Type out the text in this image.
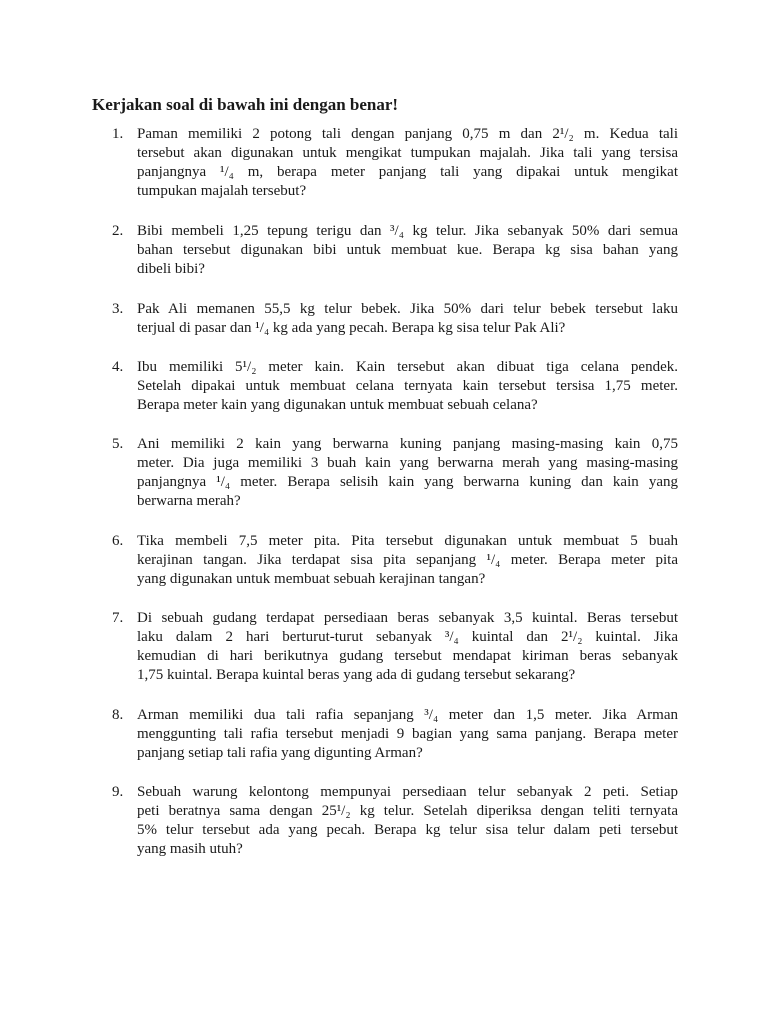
Kerjakan soal di bawah ini dengan benar!
1. Paman memiliki 2 potong tali dengan panjang 0,75 m dan 2¹/₂ m. Kedua tali
tersebut akan digunakan untuk mengikat tumpukan majalah. Jika tali yang tersisa
panjangnya ¹/₄ m, berapa meter panjang tali yang dipakai untuk mengikat
tumpukan majalah tersebut?
2. Bibi membeli 1,25 tepung terigu dan ³/₄ kg telur. Jika sebanyak 50% dari semua
bahan tersebut digunakan bibi untuk membuat kue. Berapa kg sisa bahan yang
dibeli bibi?
3. Pak Ali memanen 55,5 kg telur bebek. Jika 50% dari telur bebek tersebut laku
terjual di pasar dan ¹/₄ kg ada yang pecah. Berapa kg sisa telur Pak Ali?
4. Ibu memiliki 5¹/₂ meter kain. Kain tersebut akan dibuat tiga celana pendek.
Setelah dipakai untuk membuat celana ternyata kain tersebut tersisa 1,75 meter.
Berapa meter kain yang digunakan untuk membuat sebuah celana?
5. Ani memiliki 2 kain yang berwarna kuning panjang masing-masing kain 0,75
meter. Dia juga memiliki 3 buah kain yang berwarna merah yang masing-masing
panjangnya ¹/₄ meter. Berapa selisih kain yang berwarna kuning dan kain yang
berwarna merah?
6. Tika membeli 7,5 meter pita. Pita tersebut digunakan untuk membuat 5 buah
kerajinan tangan. Jika terdapat sisa pita sepanjang ¹/₄ meter. Berapa meter pita
yang digunakan untuk membuat sebuah kerajinan tangan?
7. Di sebuah gudang terdapat persediaan beras sebanyak 3,5 kuintal. Beras tersebut
laku dalam 2 hari berturut-turut sebanyak ³/₄ kuintal dan 2¹/₂ kuintal. Jika
kemudian di hari berikutnya gudang tersebut mendapat kiriman beras sebanyak
1,75 kuintal. Berapa kuintal beras yang ada di gudang tersebut sekarang?
8. Arman memiliki dua tali rafia sepanjang ³/₄ meter dan 1,5 meter. Jika Arman
menggunting tali rafia tersebut menjadi 9 bagian yang sama panjang. Berapa meter
panjang setiap tali rafia yang digunting Arman?
9. Sebuah warung kelontong mempunyai persediaan telur sebanyak 2 peti. Setiap
peti beratnya sama dengan 25¹/₂ kg telur. Setelah diperiksa dengan teliti ternyata
5% telur tersebut ada yang pecah. Berapa kg telur sisa telur dalam peti tersebut
yang masih utuh?
